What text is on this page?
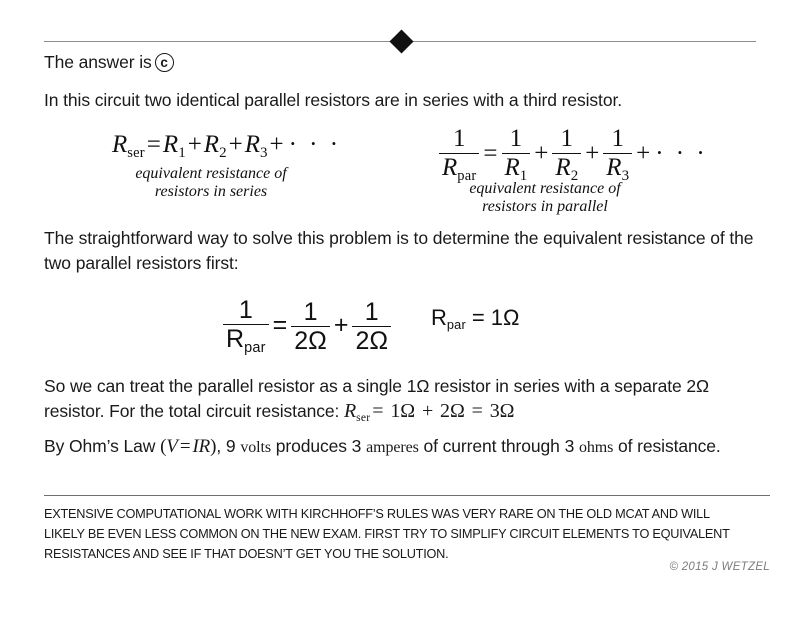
The answer is c
In this circuit two identical parallel resistors are in series with a third resistor.
$R_{ser}=R1+R2+R3+$ · · ·
equivalent resistance of
resistors in series
$\frac{1}{R_{par}} = \frac{1}{R1} + \frac{1}{R2} + \frac{1}{R3}$ + · · ·
equivalent resistance of
resistors in parallel
The straightforward way to solve this problem is to determine the equivalent resistance of the two parallel resistors first:
$\frac{1}{R_{par}} = \frac{1}{2\Omega} + \frac{1}{2\Omega} R_{par} = 1\Omega$
So we can treat the parallel resistor as a single 1Ω resistor in series with a separate 2Ω resistor. For the total circuit resistance: $R_{ser} = 1\Omega + 2\Omega = 3\Omega$
By Ohm’s Law (V = IR), 9 volts produces 3 amperes of current through 3 ohms of resistance.
EXTENSIVE COMPUTATIONAL WORK WITH KIRCHHOFF’S RULES WAS VERY RARE ON THE OLD MCAT AND WILL
LIKELY BE EVEN LESS COMMON ON THE NEW EXAM. FIRST TRY TO SIMPLIFY CIRCUIT ELEMENTS TO EQUIVALENT
RESISTANCES AND SEE IF THAT DOESN’T GET YOU THE SOLUTION.
© 2015 J WETZEL
